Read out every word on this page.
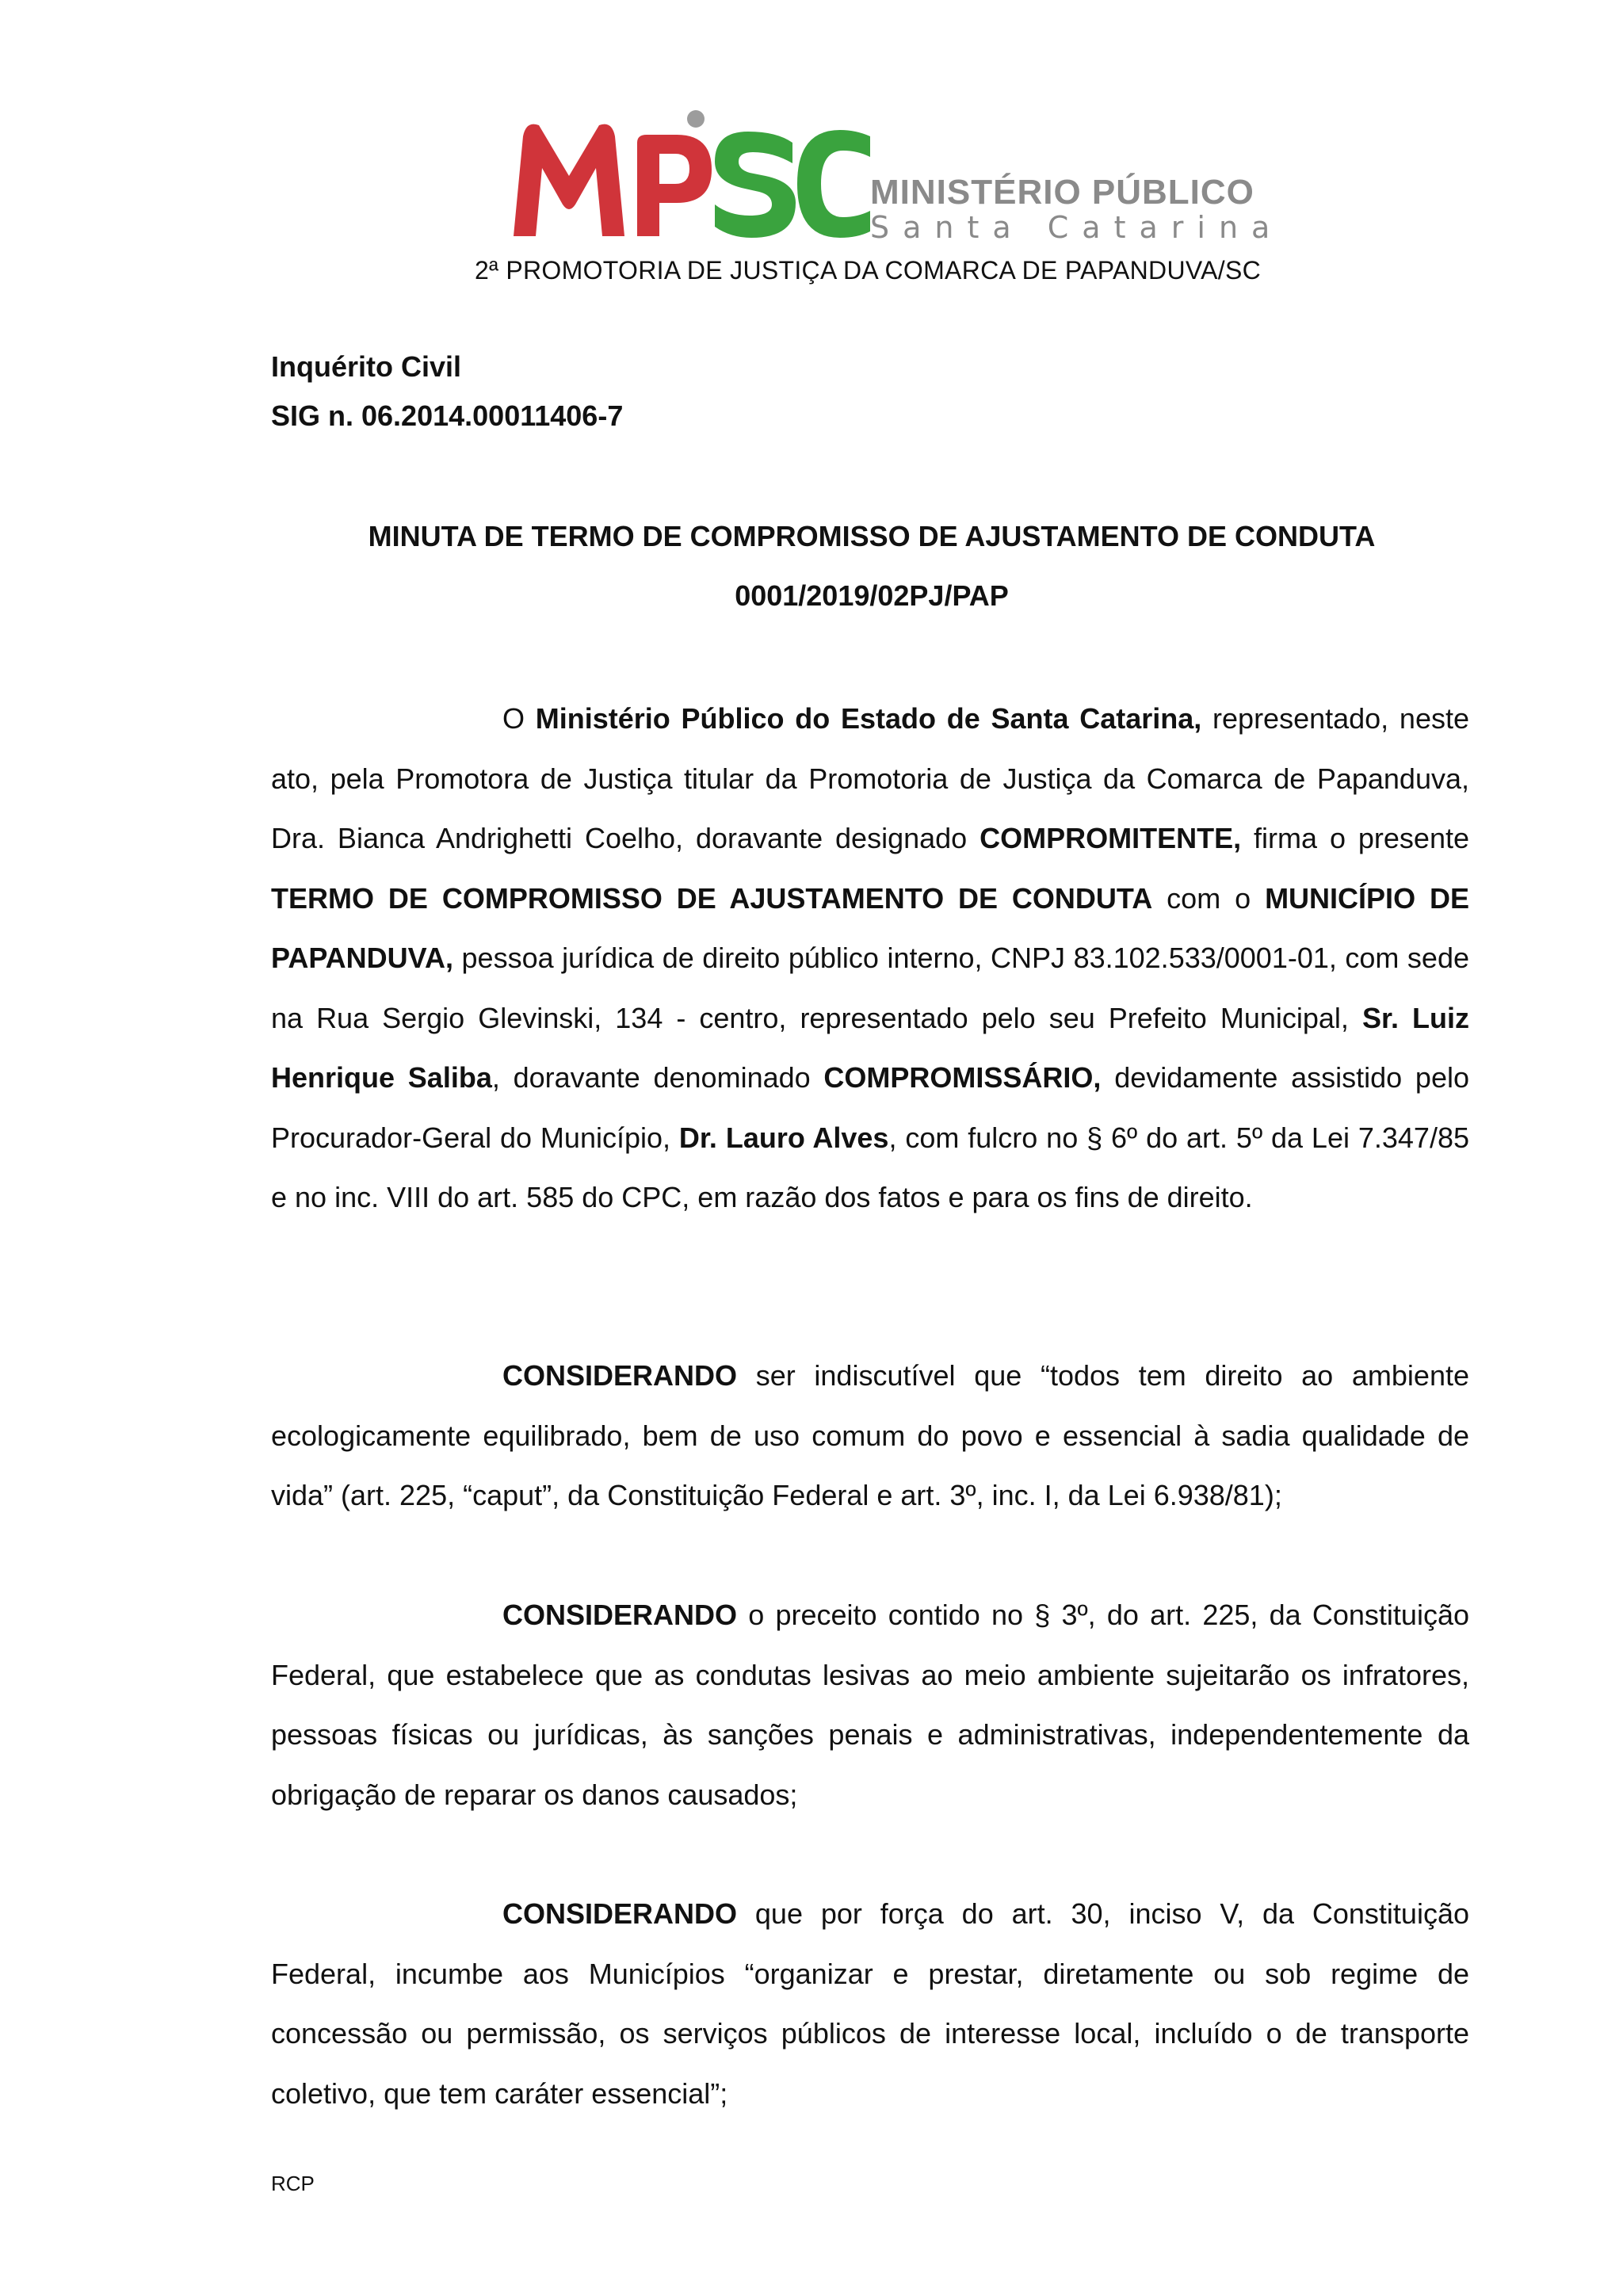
MINISTÉRIO PÚBLICO
Santa Catarina
2ª PROMOTORIA DE JUSTIÇA DA COMARCA DE PAPANDUVA/SC
Inquérito Civil
SIG n. 06.2014.00011406-7
MINUTA DE TERMO DE COMPROMISSO DE AJUSTAMENTO DE CONDUTA
0001/2019/02PJ/PAP

O Ministério Público do Estado de Santa Catarina, representado, neste ato, pela Promotora de Justiça titular da Promotoria de Justiça da Comarca de Papanduva, Dra. Bianca Andrighetti Coelho, doravante designado COMPROMITENTE, firma o presente TERMO DE COMPROMISSO DE AJUSTAMENTO DE CONDUTA com o MUNICÍPIO DE PAPANDUVA, pessoa jurídica de direito público interno, CNPJ 83.102.533/0001-01, com sede na Rua Sergio Glevinski, 134 - centro, representado pelo seu Prefeito Municipal, Sr. Luiz Henrique Saliba, doravante denominado COMPROMISSÁRIO, devidamente assistido pelo Procurador-Geral do Município, Dr. Lauro Alves, com fulcro no § 6º do art. 5º da Lei 7.347/85 e no inc. VIII do art. 585 do CPC, em razão dos fatos e para os fins de direito.

CONSIDERANDO ser indiscutível que “todos tem direito ao ambiente ecologicamente equilibrado, bem de uso comum do povo e essencial à sadia qualidade de vida” (art. 225, “caput”, da Constituição Federal e art. 3º, inc. I, da Lei 6.938/81);

CONSIDERANDO o preceito contido no § 3º, do art. 225, da Constituição Federal, que estabelece que as condutas lesivas ao meio ambiente sujeitarão os infratores, pessoas físicas ou jurídicas, às sanções penais e administrativas, independentemente da obrigação de reparar os danos causados;

CONSIDERANDO que por força do art. 30, inciso V, da Constituição Federal, incumbe aos Municípios “organizar e prestar, diretamente ou sob regime de concessão ou permissão, os serviços públicos de interesse local, incluído o de transporte coletivo, que tem caráter essencial”;

RCP
